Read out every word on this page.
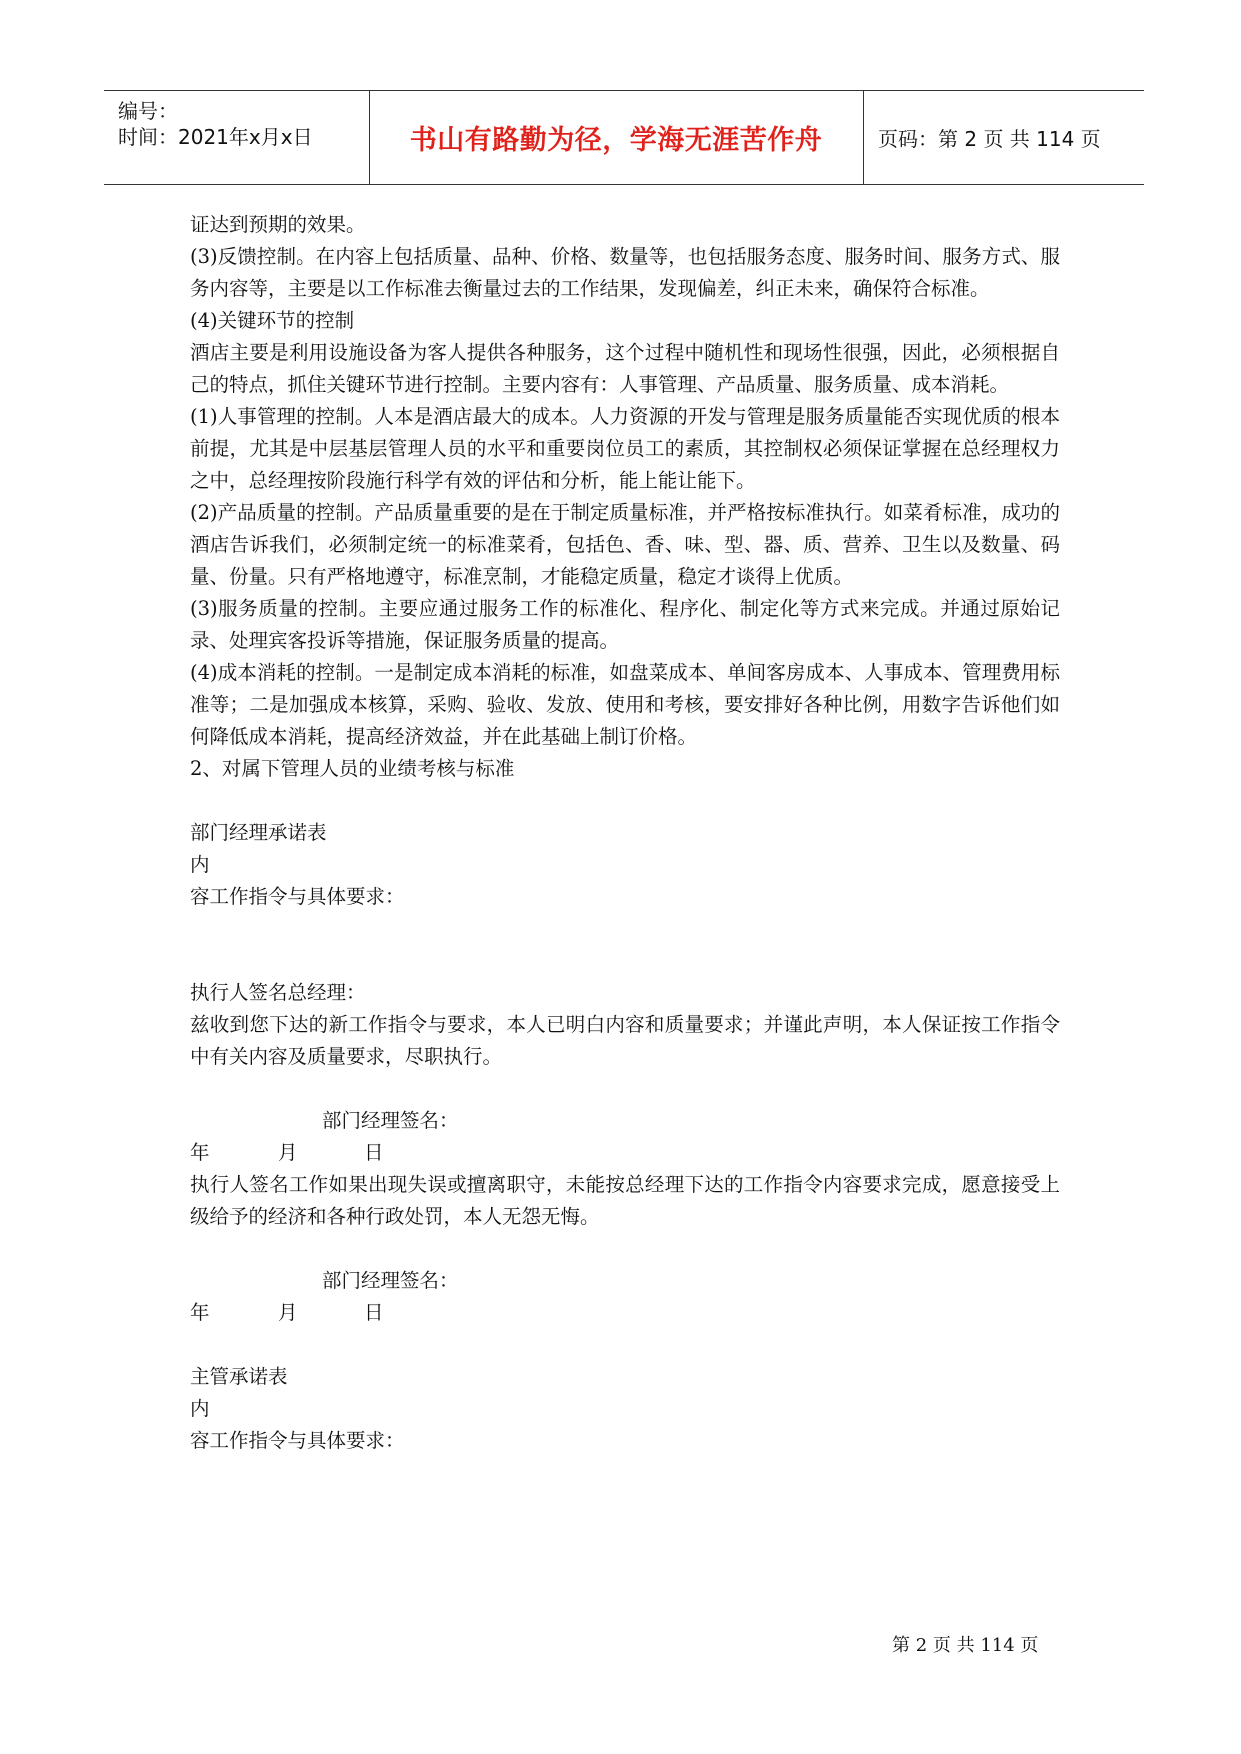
编号：
时间：2021年x月x日	书山有路勤为径，学海无涯苦作舟	页码：第 2 页 共 114 页

证达到预期的效果。

(3)反馈控制。在内容上包括质量、品种、价格、数量等，也包括服务态度、服务时间、服务方式、服务内容等，主要是以工作标准去衡量过去的工作结果，发现偏差，纠正未来，确保符合标准。

(4)关键环节的控制

酒店主要是利用设施设备为客人提供各种服务，这个过程中随机性和现场性很强，因此，必须根据自己的特点，抓住关键环节进行控制。主要内容有：人事管理、产品质量、服务质量、成本消耗。

(1)人事管理的控制。人本是酒店最大的成本。人力资源的开发与管理是服务质量能否实现优质的根本前提，尤其是中层基层管理人员的水平和重要岗位员工的素质，其控制权必须保证掌握在总经理权力之中，总经理按阶段施行科学有效的评估和分析，能上能让能下。

(2)产品质量的控制。产品质量重要的是在于制定质量标准，并严格按标准执行。如菜肴标准，成功的酒店告诉我们，必须制定统一的标准菜肴，包括色、香、味、型、器、质、营养、卫生以及数量、码量、份量。只有严格地遵守，标准烹制，才能稳定质量，稳定才谈得上优质。

(3)服务质量的控制。主要应通过服务工作的标准化、程序化、制定化等方式来完成。并通过原始记录、处理宾客投诉等措施，保证服务质量的提高。

(4)成本消耗的控制。一是制定成本消耗的标准，如盘菜成本、单间客房成本、人事成本、管理费用标准等；二是加强成本核算，采购、验收、发放、使用和考核，要安排好各种比例，用数字告诉他们如何降低成本消耗，提高经济效益，并在此基础上制订价格。

2、对属下管理人员的业绩考核与标准

部门经理承诺表

内

容工作指令与具体要求：

执行人签名总经理：

兹收到您下达的新工作指令与要求，本人已明白内容和质量要求；并谨此声明，本人保证按工作指令中有关内容及质量要求，尽职执行。

部门经理签名：

年	月	日

执行人签名工作如果出现失误或擅离职守，未能按总经理下达的工作指令内容要求完成，愿意接受上级给予的经济和各种行政处罚，本人无怨无悔。

部门经理签名：

年	月	日

主管承诺表

内

容工作指令与具体要求：

第 2 页 共 114 页
